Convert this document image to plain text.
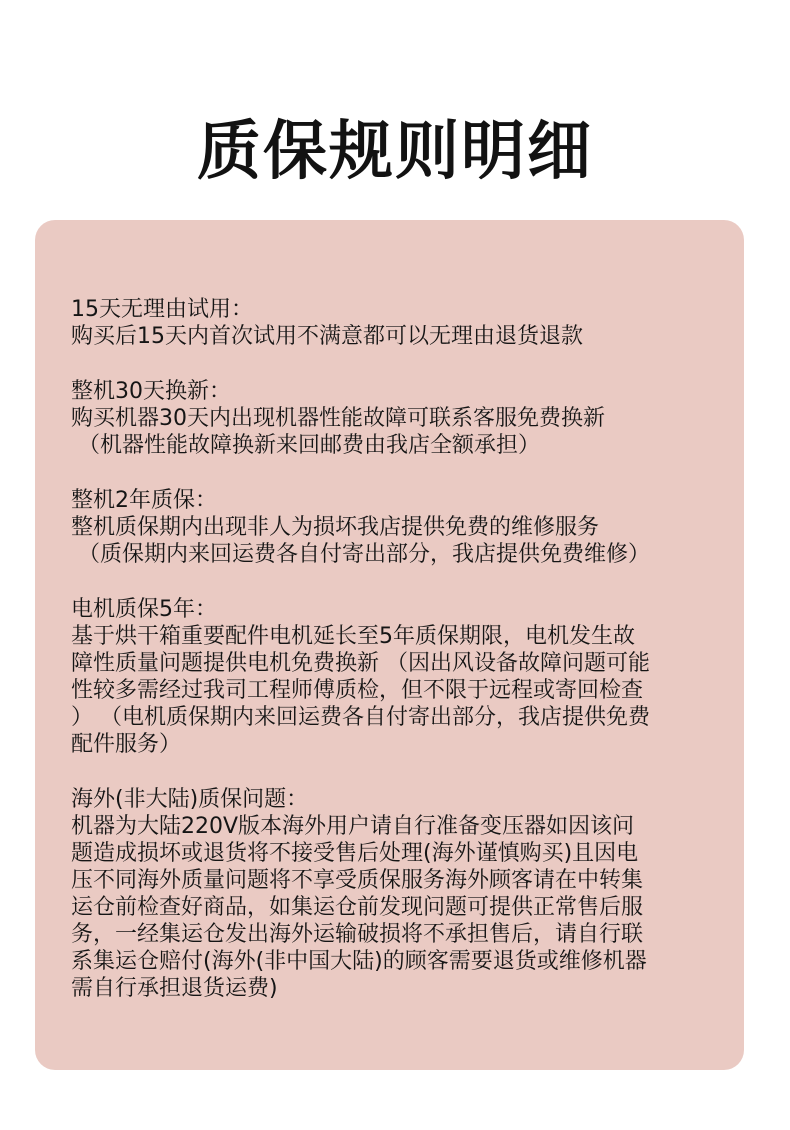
质保规则明细
15天无理由试用：
购买后15天内首次试用不满意都可以无理由退货退款
整机30天换新：
购买机器30天内出现机器性能故障可联系客服免费换新
（机器性能故障换新来回邮费由我店全额承担）
整机2年质保：
整机质保期内出现非人为损坏我店提供免费的维修服务
（质保期内来回运费各自付寄出部分，我店提供免费维修）
电机质保5年：
基于烘干箱重要配件电机延长至5年质保期限，电机发生故
障性质量问题提供电机免费换新 （因出风设备故障问题可能
性较多需经过我司工程师傅质检，但不限于远程或寄回检查
） （电机质保期内来回运费各自付寄出部分，我店提供免费
配件服务）
海外(非大陆)质保问题：
机器为大陆220V版本海外用户请自行准备变压器如因该问
题造成损坏或退货将不接受售后处理(海外谨慎购买)且因电
压不同海外质量问题将不享受质保服务海外顾客请在中转集
运仓前检查好商品，如集运仓前发现问题可提供正常售后服
务，一经集运仓发出海外运输破损将不承担售后，请自行联
系集运仓赔付(海外(非中国大陆)的顾客需要退货或维修机器
需自行承担退货运费)
